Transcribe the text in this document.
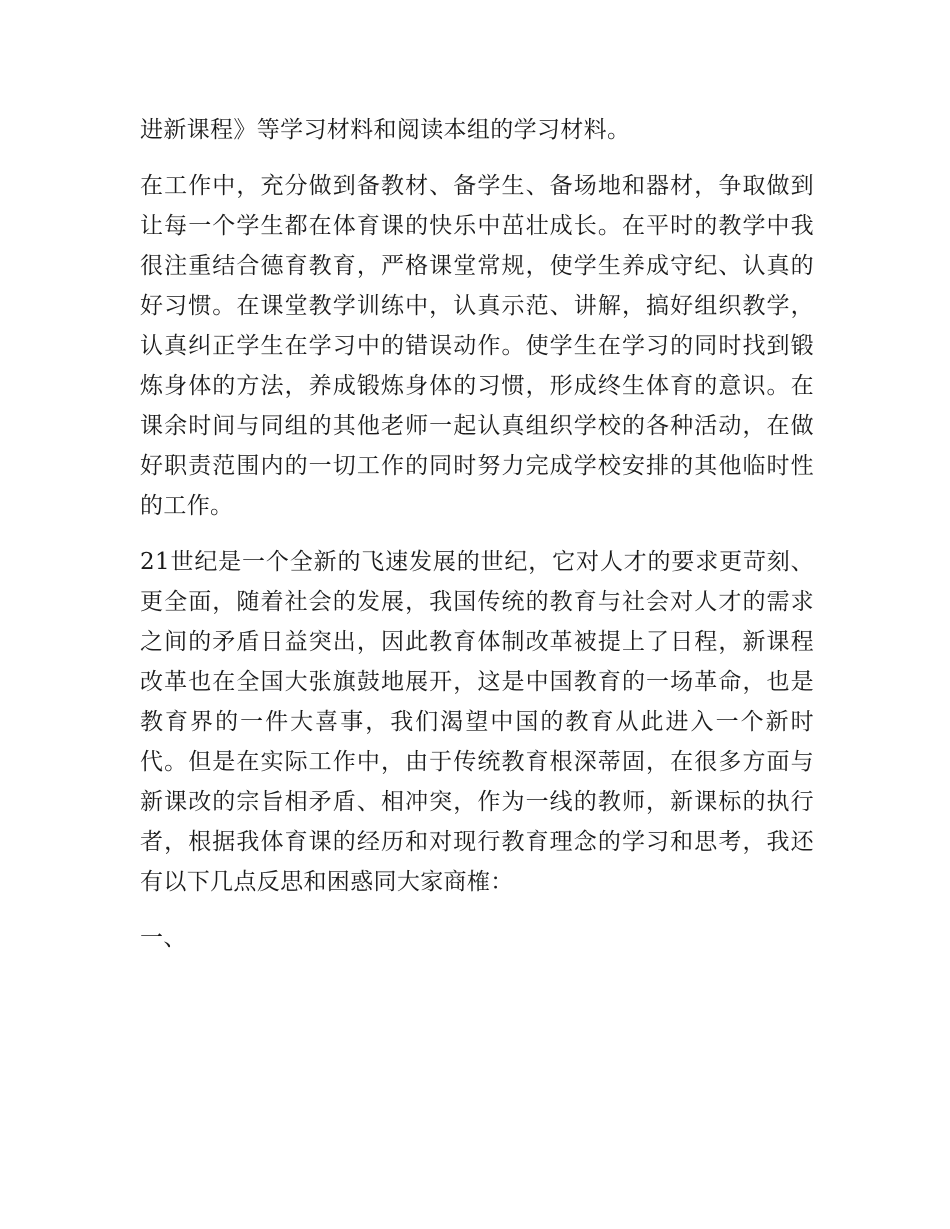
进新课程》等学习材料和阅读本组的学习材料。

在工作中，充分做到备教材、备学生、备场地和器材，争取做到让每一个学生都在体育课的快乐中茁壮成长。在平时的教学中我很注重结合德育教育，严格课堂常规，使学生养成守纪、认真的好习惯。在课堂教学训练中，认真示范、讲解，搞好组织教学，认真纠正学生在学习中的错误动作。使学生在学习的同时找到锻炼身体的方法，养成锻炼身体的习惯，形成终生体育的意识。在课余时间与同组的其他老师一起认真组织学校的各种活动，在做好职责范围内的一切工作的同时努力完成学校安排的其他临时性的工作。

21世纪是一个全新的飞速发展的世纪，它对人才的要求更苛刻、更全面，随着社会的发展，我国传统的教育与社会对人才的需求之间的矛盾日益突出，因此教育体制改革被提上了日程，新课程改革也在全国大张旗鼓地展开，这是中国教育的一场革命，也是教育界的一件大喜事，我们渴望中国的教育从此进入一个新时代。但是在实际工作中，由于传统教育根深蒂固，在很多方面与新课改的宗旨相矛盾、相冲突，作为一线的教师，新课标的执行者，根据我体育课的经历和对现行教育理念的学习和思考，我还有以下几点反思和困惑同大家商榷：

一、
